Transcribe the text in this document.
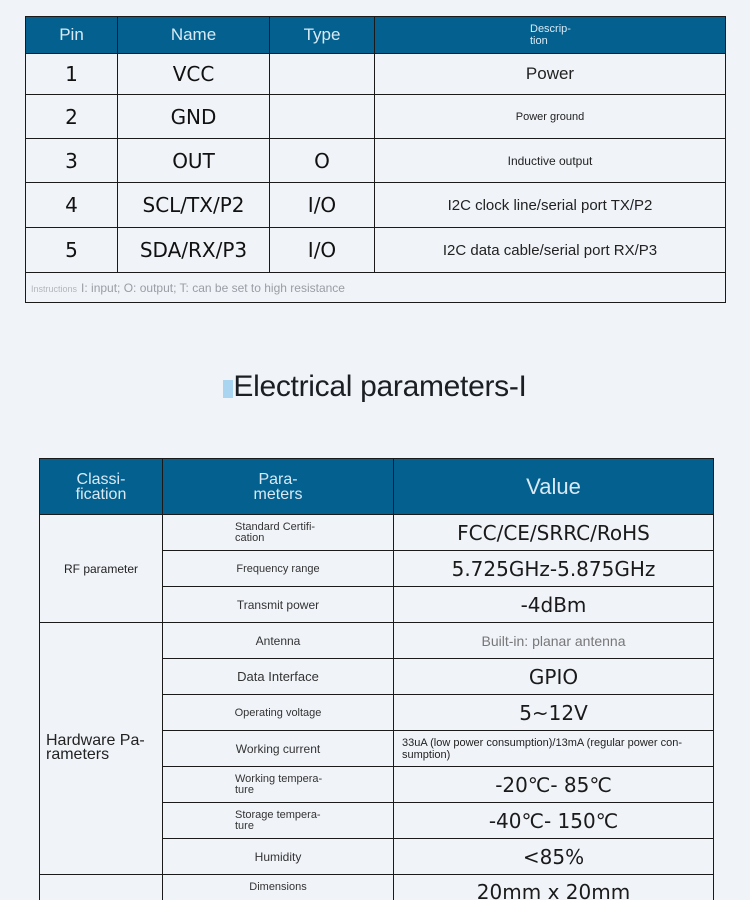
Pin	Name	Type	Descrip-
tion
1	VCC		Power
2	GND		Power ground
3	OUT	O	Inductive output
4	SCL/TX/P2	I/O	I2C clock line/serial port TX/P2
5	SDA/RX/P3	I/O	I2C data cable/serial port RX/P3
Instructions I: input; O: output; T: can be set to high resistance			
Electrical parameters-I
Classi-
fication	Para-
meters	Value
RF parameter	Standard Certifi-
cation	FCC/CE/SRRC/RoHS
	Frequency range	5.725GHz-5.875GHz
	Transmit power	-4dBm
Hardware Pa-
rameters	Antenna	Built-in: planar antenna
	Data Interface	GPIO
	Operating voltage	5~12V
	Working current	33uA (low power consumption)/13mA (regular power con-
sumption)
	Working tempera-
ture	-20℃- 85℃
	Storage tempera-
ture	-40℃- 150℃
	Humidity	<85%
	Dimensions	20mm x 20mm
